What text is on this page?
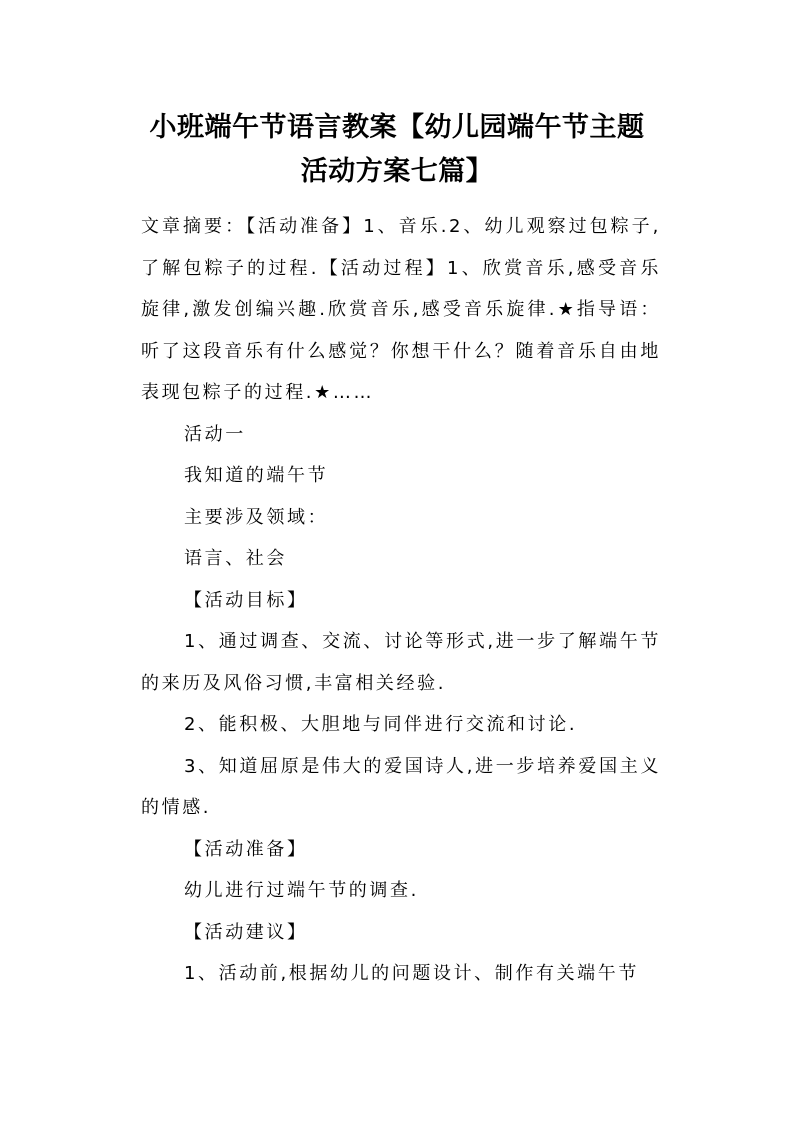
小班端午节语言教案【幼儿园端午节主题
活动方案七篇】

文章摘要：【活动准备】1、音乐.2、幼儿观察过包粽子,了解包粽子的过程.【活动过程】1、欣赏音乐,感受音乐旋律,激发创编兴趣.欣赏音乐,感受音乐旋律.★指导语：听了这段音乐有什么感觉？你想干什么？随着音乐自由地表现包粽子的过程.★……

活动一

我知道的端午节

主要涉及领域：

语言、社会

【活动目标】

1、通过调查、交流、讨论等形式,进一步了解端午节的来历及风俗习惯,丰富相关经验.

2、能积极、大胆地与同伴进行交流和讨论.

3、知道屈原是伟大的爱国诗人,进一步培养爱国主义的情感.

【活动准备】

幼儿进行过端午节的调查.

【活动建议】

1、活动前,根据幼儿的问题设计、制作有关端午节
